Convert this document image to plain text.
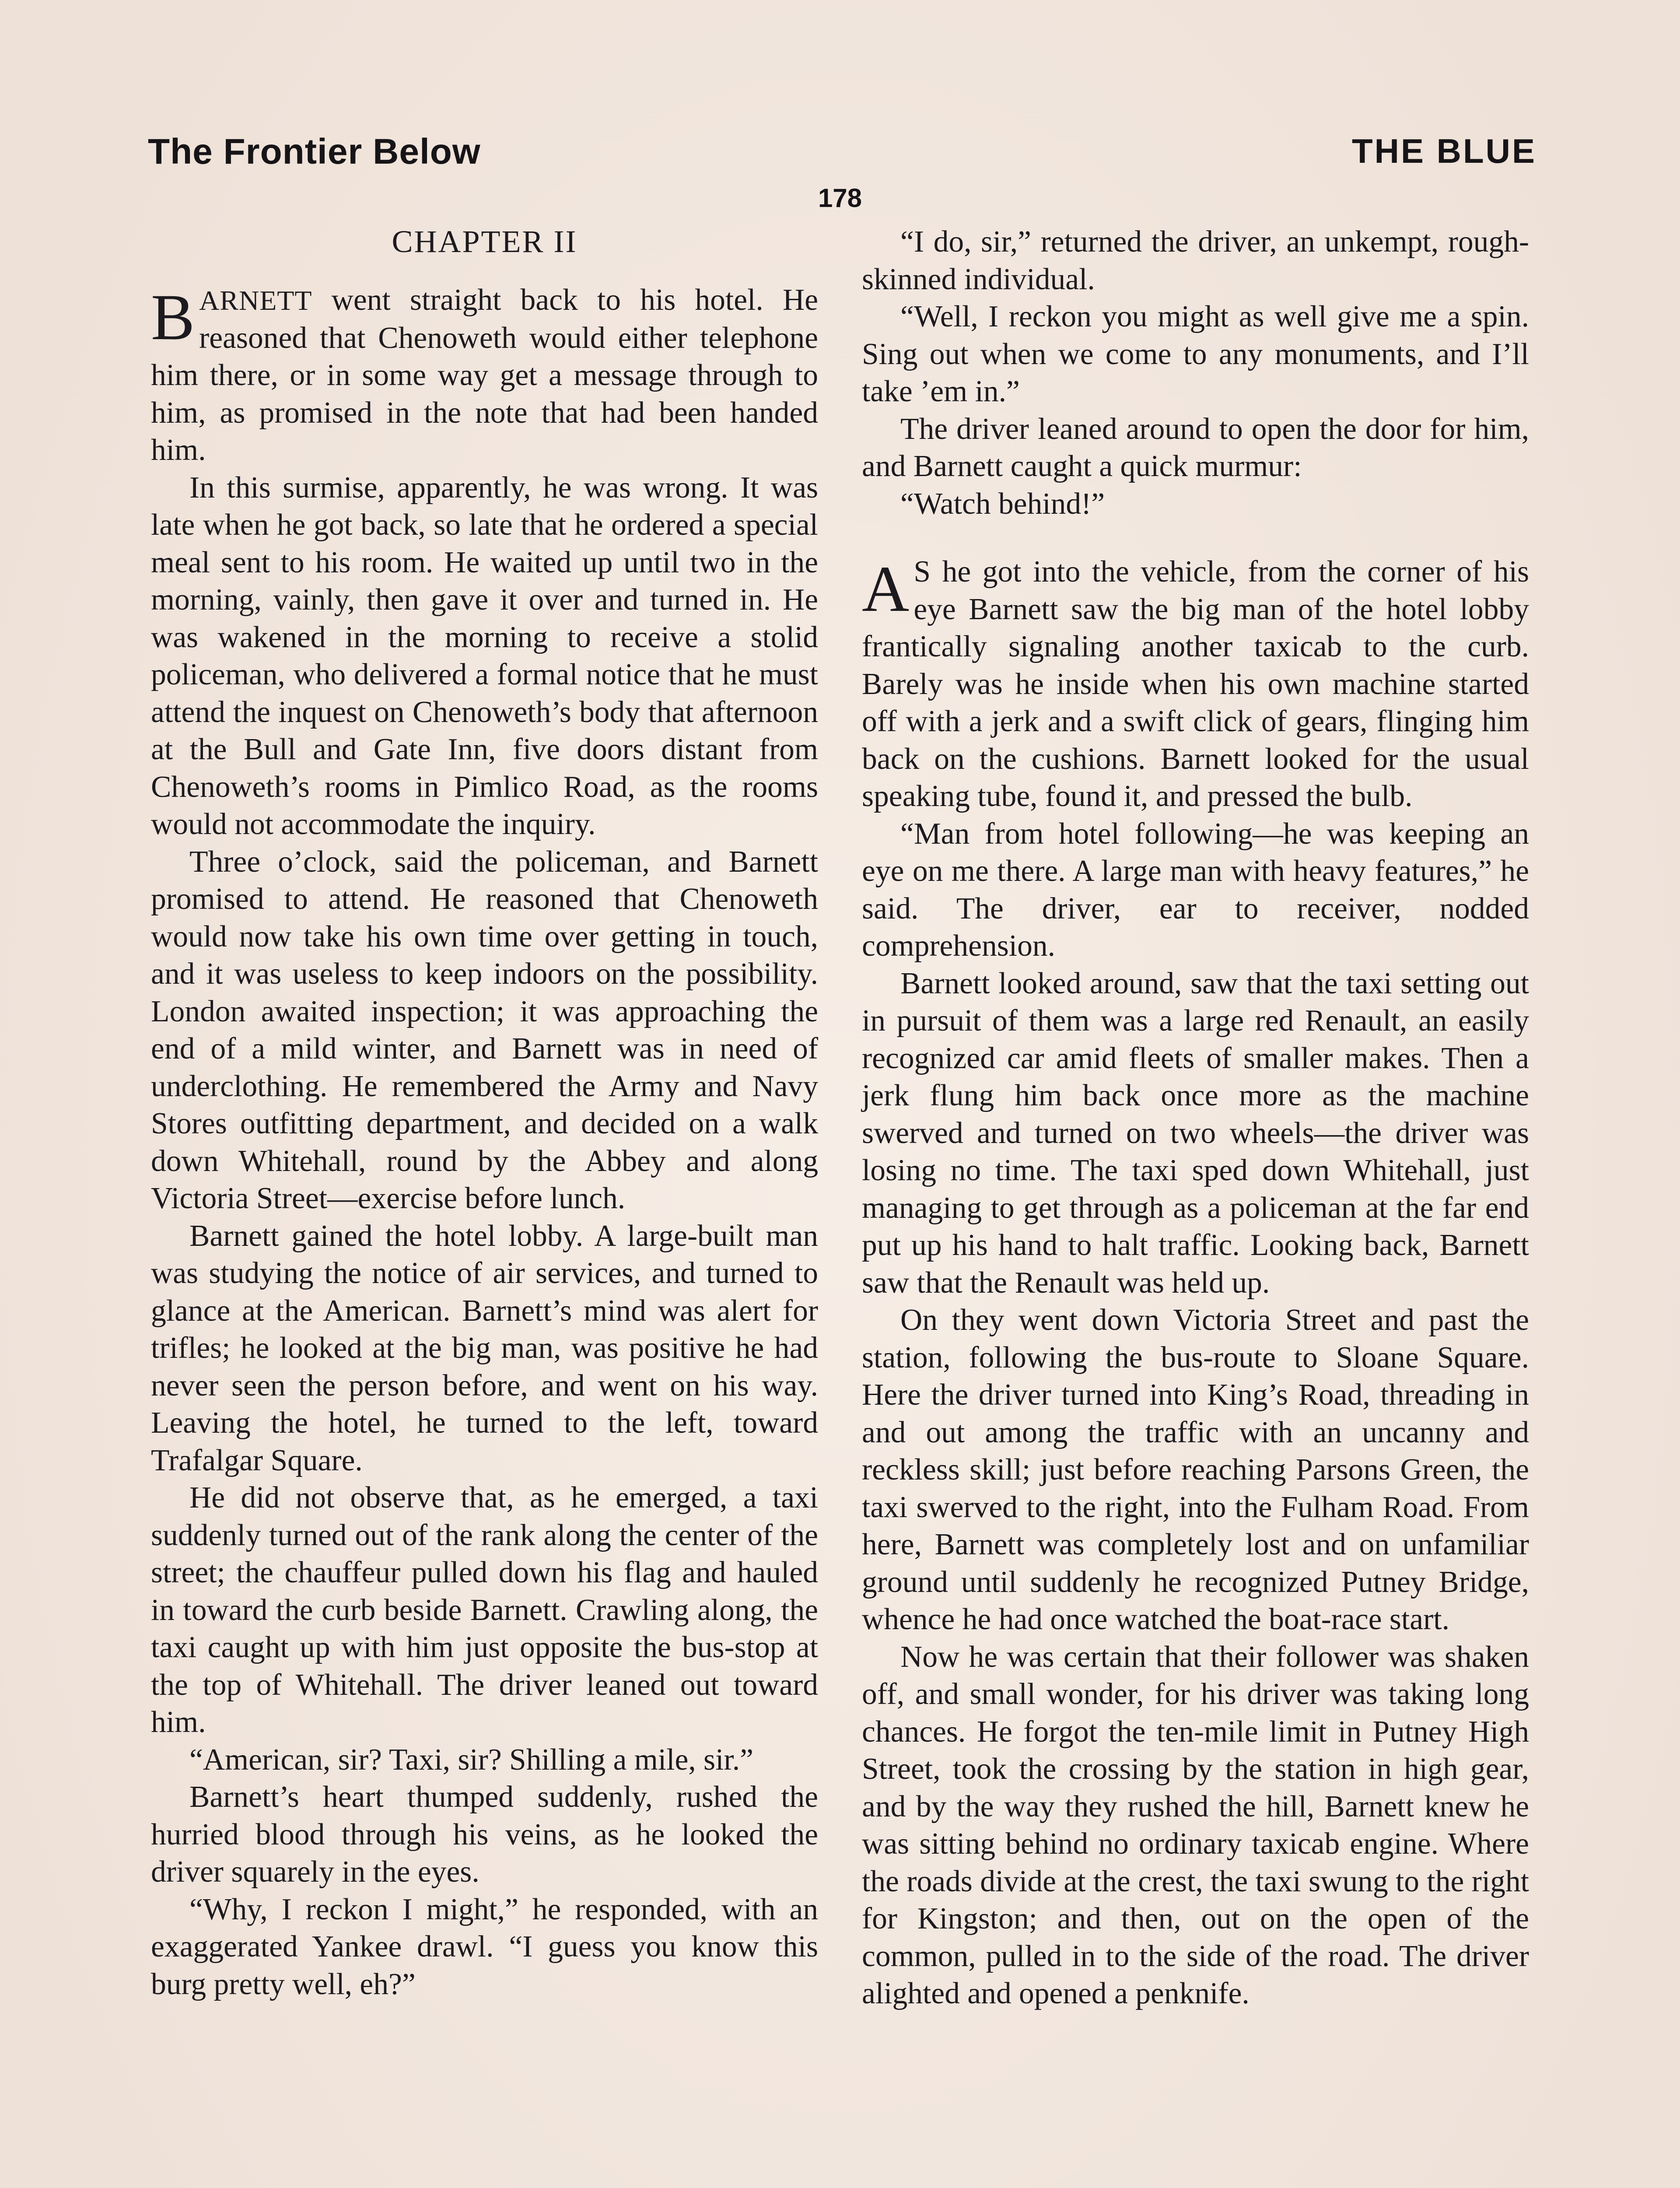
The Frontier Below	THE BLUE
178
CHAPTER II

BARNETT went straight back to his hotel. He reasoned that Chenoweth would either telephone him there, or in some way get a message through to him, as promised in the note that had been handed him.

In this surmise, apparently, he was wrong. It was late when he got back, so late that he ordered a special meal sent to his room. He waited up until two in the morning, vainly, then gave it over and turned in. He was wakened in the morning to receive a stolid policeman, who delivered a formal notice that he must attend the inquest on Chenoweth’s body that afternoon at the Bull and Gate Inn, five doors distant from Chenoweth’s rooms in Pimlico Road, as the rooms would not accommodate the inquiry.

Three o’clock, said the policeman, and Barnett promised to attend. He reasoned that Chenoweth would now take his own time over getting in touch, and it was useless to keep indoors on the possibility. London awaited inspection; it was approaching the end of a mild winter, and Barnett was in need of underclothing. He remembered the Army and Navy Stores outfitting department, and decided on a walk down Whitehall, round by the Abbey and along Victoria Street—exercise before lunch.

Barnett gained the hotel lobby. A large-built man was studying the notice of air services, and turned to glance at the American. Barnett’s mind was alert for trifles; he looked at the big man, was positive he had never seen the person before, and went on his way. Leaving the hotel, he turned to the left, toward Trafalgar Square.

He did not observe that, as he emerged, a taxi suddenly turned out of the rank along the center of the street; the chauffeur pulled down his flag and hauled in toward the curb beside Barnett. Crawling along, the taxi caught up with him just opposite the bus-stop at the top of Whitehall. The driver leaned out toward him.

“American, sir? Taxi, sir? Shilling a mile, sir.”

Barnett’s heart thumped suddenly, rushed the hurried blood through his veins, as he looked the driver squarely in the eyes.

“Why, I reckon I might,” he responded, with an exaggerated Yankee drawl. “I guess you know this burg pretty well, eh?”

“I do, sir,” returned the driver, an unkempt, rough-skinned individual.

“Well, I reckon you might as well give me a spin. Sing out when we come to any monuments, and I’ll take ’em in.”

The driver leaned around to open the door for him, and Barnett caught a quick murmur:

“Watch behind!”

A S he got into the vehicle, from the corner of his eye Barnett saw the big man of the hotel lobby frantically signaling another taxicab to the curb. Barely was he inside when his own machine started off with a jerk and a swift click of gears, flinging him back on the cushions. Barnett looked for the usual speaking tube, found it, and pressed the bulb.

“Man from hotel following—he was keeping an eye on me there. A large man with heavy features,” he said. The driver, ear to receiver, nodded comprehension.

Barnett looked around, saw that the taxi setting out in pursuit of them was a large red Renault, an easily recognized car amid fleets of smaller makes. Then a jerk flung him back once more as the machine swerved and turned on two wheels—the driver was losing no time. The taxi sped down Whitehall, just managing to get through as a policeman at the far end put up his hand to halt traffic. Looking back, Barnett saw that the Renault was held up.

On they went down Victoria Street and past the station, following the bus-route to Sloane Square. Here the driver turned into King’s Road, threading in and out among the traffic with an uncanny and reckless skill; just before reaching Parsons Green, the taxi swerved to the right, into the Fulham Road. From here, Barnett was completely lost and on unfamiliar ground until suddenly he recognized Putney Bridge, whence he had once watched the boat-race start.

Now he was certain that their follower was shaken off, and small wonder, for his driver was taking long chances. He forgot the ten-mile limit in Putney High Street, took the crossing by the station in high gear, and by the way they rushed the hill, Barnett knew he was sitting behind no ordinary taxicab engine. Where the roads divide at the crest, the taxi swung to the right for Kingston; and then, out on the open of the common, pulled in to the side of the road. The driver alighted and opened a penknife.
